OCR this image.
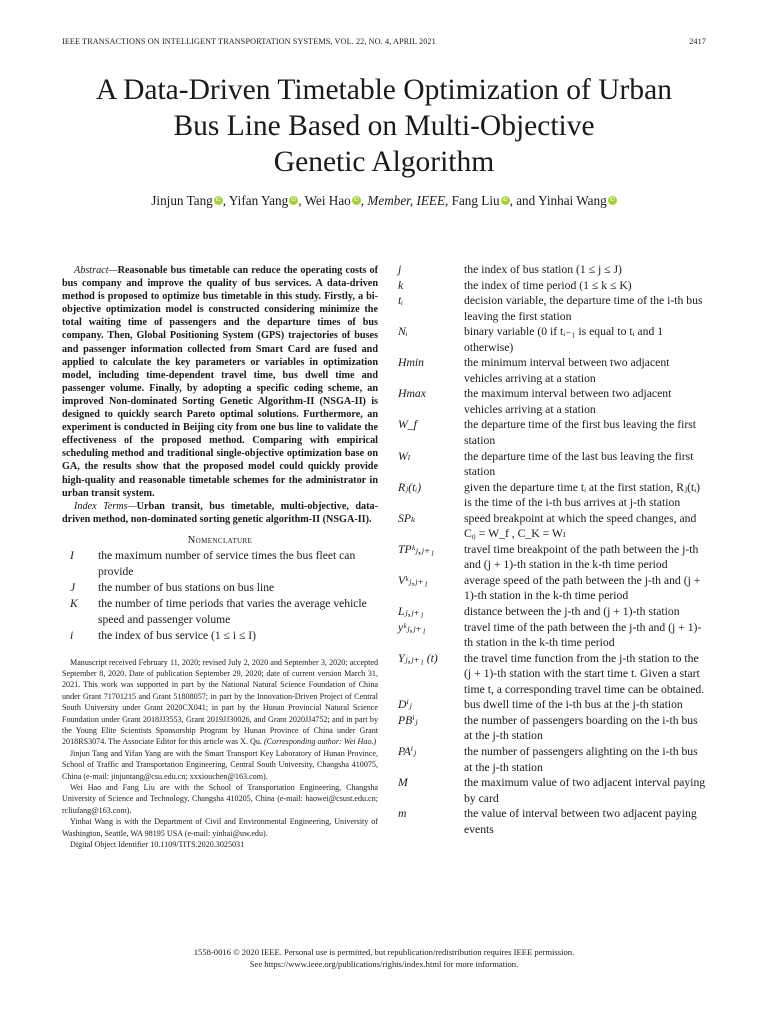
IEEE TRANSACTIONS ON INTELLIGENT TRANSPORTATION SYSTEMS, VOL. 22, NO. 4, APRIL 2021	2417
A Data-Driven Timetable Optimization of Urban
Bus Line Based on Multi-Objective
Genetic Algorithm
Jinjun Tang iD , Yifan Yang iD , Wei Hao iD , Member, IEEE, Fang Liu iD , and Yinhai Wang iD

Abstract—Reasonable bus timetable can reduce the operating costs of bus company and improve the quality of bus services. A data-driven method is proposed to optimize bus timetable in this study. Firstly, a bi-objective optimization model is constructed considering minimize the total waiting time of passengers and the departure times of bus company. Then, Global Positioning System (GPS) trajectories of buses and passenger information collected from Smart Card are fused and applied to calculate the key parameters or variables in optimization model, including time-dependent travel time, bus dwell time and passenger volume. Finally, by adopting a specific coding scheme, an improved Non-dominated Sorting Genetic Algorithm-II (NSGA-II) is designed to quickly search Pareto optimal solutions. Furthermore, an experiment is conducted in Beijing city from one bus line to validate the effectiveness of the proposed method. Comparing with empirical scheduling method and traditional single-objective optimization base on GA, the results show that the proposed model could quickly provide high-quality and reasonable timetable schemes for the administrator in urban transit system.

Index Terms—Urban transit, bus timetable, multi-objective, data-driven method, non-dominated sorting genetic algorithm-II (NSGA-II).

Nomenclature
I	the maximum number of service times the bus fleet can provide
J	the number of bus stations on bus line
K	the number of time periods that varies the average vehicle speed and passenger volume
i	the index of bus service (1 ≤ i ≤ I)

Manuscript received February 11, 2020; revised July 2, 2020 and September 3, 2020; accepted September 8, 2020. Date of publication September 29, 2020; date of current version March 31, 2021. This work was supported in part by the National Natural Science Foundation of China under Grant 71701215 and Grant 51808057; in part by the Innovation-Driven Project of Central South University under Grant 2020CX041; in part by the Hunan Provincial Natural Science Foundation under Grant 2018JJ3553, Grant 2019JJ30026, and Grant 2020JJ4752; and in part by the Young Elite Scientists Sponsorship Program by Hunan Province of China under Grant 2018RS3074. The Associate Editor for this article was X. Qu. (Corresponding author: Wei Hao.)

Jinjun Tang and Yifan Yang are with the Smart Transport Key Laboratory of Hunan Province, School of Traffic and Transportation Engineering, Central South University, Changsha 410075, China (e-mail: jinjuntang@csu.edu.cn; xxxiouchen@163.com).

Wei Hao and Fang Liu are with the School of Transportation Engineering, Changsha University of Science and Technology, Changsha 410205, China (e-mail: haowei@csust.edu.cn; rcliufang@163.com).

Yinhai Wang is with the Department of Civil and Environmental Engineering, University of Washington, Seattle, WA 98195 USA (e-mail: yinhai@uw.edu).

Digital Object Identifier 10.1109/TITS.2020.3025031

j	the index of bus station (1 ≤ j ≤ J)
k	the index of time period (1 ≤ k ≤ K)
tᵢ	decision variable, the departure time of the i-th bus leaving the first station
Nᵢ	binary variable (0 if tᵢ₋₁ is equal to tᵢ and 1 otherwise)
Hmin	the minimum interval between two adjacent vehicles arriving at a station
Hmax	the maximum interval between two adjacent vehicles arriving at a station
W_f	the departure time of the first bus leaving the first station
Wₗ	the departure time of the last bus leaving the first station
Rⱼ(tᵢ)	given the departure time tᵢ at the first station, Rⱼ(tᵢ) is the time of the i-th bus arrives at j-th station
SPₖ	speed breakpoint at which the speed changes, and C₀ = W_f , C_K = Wₗ
TPᵏⱼ,ⱼ₊₁	travel time breakpoint of the path between the j-th and (j + 1)-th station in the k-th time period
Vᵏⱼ,ⱼ₊₁	average speed of the path between the j-th and (j + 1)-th station in the k-th time period
Lⱼ,ⱼ₊₁	distance between the j-th and (j + 1)-th station
yᵏⱼ,ⱼ₊₁	travel time of the path between the j-th and (j + 1)-th station in the k-th time period
Yⱼ,ⱼ₊₁ (t)	the travel time function from the j-th station to the (j + 1)-th station with the start time t. Given a start time t, a corresponding travel time can be obtained.
Dⁱⱼ	bus dwell time of the i-th bus at the j-th station
PBⁱⱼ	the number of passengers boarding on the i-th bus at the j-th station
PAⁱⱼ	the number of passengers alighting on the i-th bus at the j-th station
M	the maximum value of two adjacent interval paying by card
m	the value of interval between two adjacent paying events
1558-0016 © 2020 IEEE. Personal use is permitted, but republication/redistribution requires IEEE permission.
See https://www.ieee.org/publications/rights/index.html for more information.
